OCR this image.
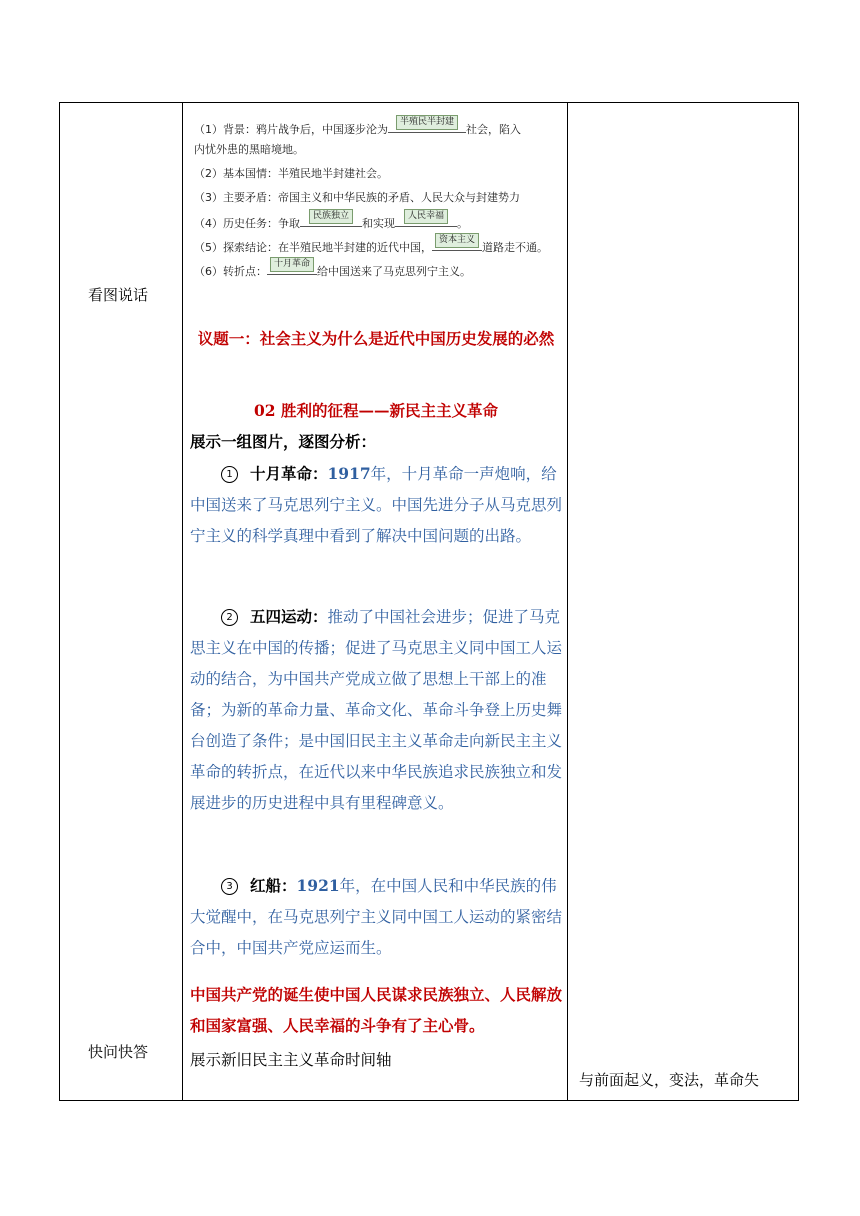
看图说话
快问快答
（1）背景：鸦片战争后，中国逐步沦为
半殖民半封建
社会，陷入
内忧外患的黑暗境地。
（2）基本国情：半殖民地半封建社会。
（3）主要矛盾：帝国主义和中华民族的矛盾、人民大众与封建势力
（4）历史任务：争取
民族独立
和实现
人民幸福
。
（5）探索结论：在半殖民地半封建的近代中国，
资本主义
道路走不通。
（6）转折点：
十月革命
给中国送来了马克思列宁主义。
议题一：社会主义为什么是近代中国历史发展的必然
02 胜利的征程——新民主主义革命
展示一组图片，逐图分析：
1 十月革命：1917年，十月革命一声炮响，给中国送来了马克思列宁主义。中国先进分子从马克思列宁主义的科学真理中看到了解决中国问题的出路。
2 五四运动：推动了中国社会进步；促进了马克思主义在中国的传播；促进了马克思主义同中国工人运动的结合，为中国共产党成立做了思想上干部上的准备；为新的革命力量、革命文化、革命斗争登上历史舞台创造了条件；是中国旧民主主义革命走向新民主主义革命的转折点，在近代以来中华民族追求民族独立和发展进步的历史进程中具有里程碑意义。
3 红船：1921年，在中国人民和中华民族的伟大觉醒中，在马克思列宁主义同中国工人运动的紧密结合中，中国共产党应运而生。
中国共产党的诞生使中国人民谋求民族独立、人民解放和国家富强、人民幸福的斗争有了主心骨。
展示新旧民主主义革命时间轴
与前面起义，变法，革命失
